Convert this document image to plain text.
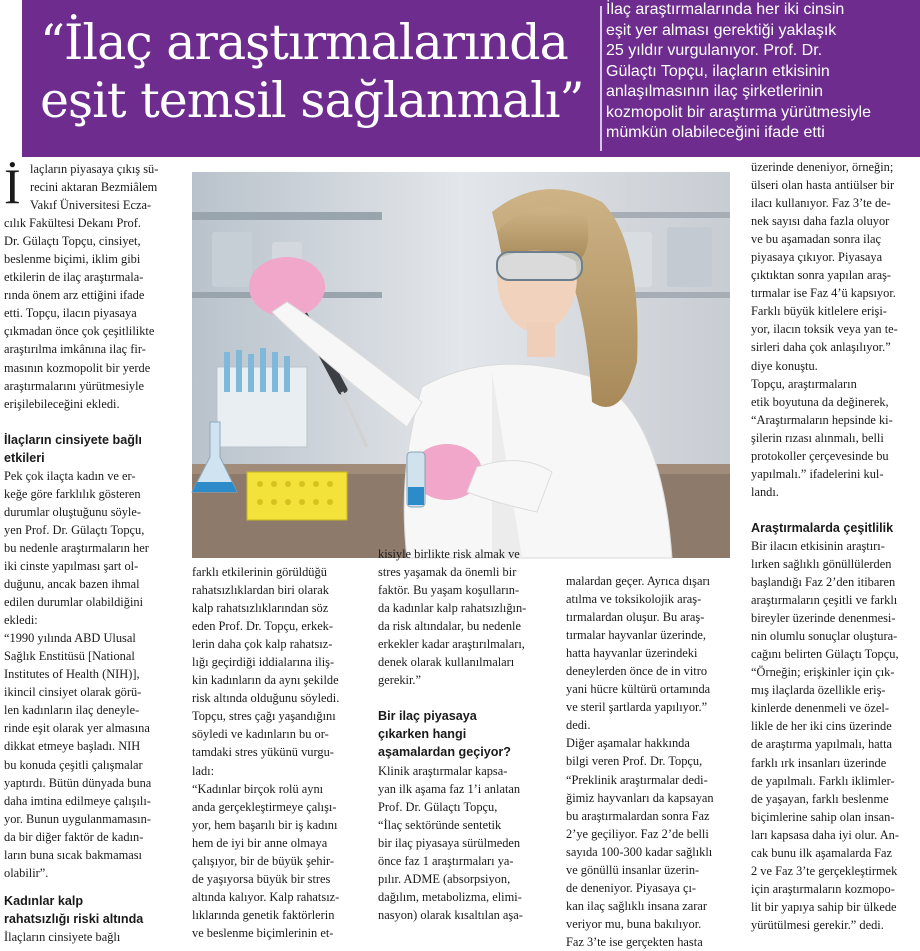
“İlaç araştırmalarında
eşit temsil sağlanmalı”
İlaç araştırmalarında her iki cinsin
eşit yer alması gerektiği yaklaşık
25 yıldır vurgulanıyor. Prof. Dr.
Gülaçtı Topçu, ilaçların etkisinin
anlaşılmasının ilaç şirketlerinin
kozmopolit bir araştırma yürütmesiyle
mümkün olabileceğini ifade etti
İ laçların piyasaya çıkış sü-
recini aktaran Bezmiâlem
Vakıf Üniversitesi Ecza-
cılık Fakültesi Dekanı Prof.
Dr. Gülaçtı Topçu, cinsiyet,
beslenme biçimi, iklim gibi
etkilerin de ilaç araştırmala-
rında önem arz ettiğini ifade
etti. Topçu, ilacın piyasaya
çıkmadan önce çok çeşitlilikte
araştırılma imkânına ilaç fir-
masının kozmopolit bir yerde
araştırmalarını yürütmesiyle
erişilebileceğini ekledi.
İlaçların cinsiyete bağlı
etkileri
Pek çok ilaçta kadın ve er-
keğe göre farklılık gösteren
durumlar oluştuğunu söyle-
yen Prof. Dr. Gülaçtı Topçu,
bu nedenle araştırmaların her
iki cinste yapılması şart ol-
duğunu, ancak bazen ihmal
edilen durumlar olabildiğini
ekledi:
“1990 yılında ABD Ulusal
Sağlık Enstitüsü [National
Institutes of Health (NIH)],
ikincil cinsiyet olarak görü-
len kadınların ilaç deneyle-
rinde eşit olarak yer almasına
dikkat etmeye başladı. NIH
bu konuda çeşitli çalışmalar
yaptırdı. Bütün dünyada buna
daha imtina edilmeye çalışılı-
yor. Bunun uygulanmamasın-
da bir diğer faktör de kadın-
ların buna sıcak bakmaması
olabilir”.
Kadınlar kalp
rahatsızlığı riski altında
İlaçların cinsiyete bağlı
farklı etkilerinin görüldüğü
rahatsızlıklardan biri olarak
kalp rahatsızlıklarından söz
eden Prof. Dr. Topçu, erkek-
lerin daha çok kalp rahatsız-
lığı geçirdiği iddialarına iliş-
kin kadınların da aynı şekilde
risk altında olduğunu söyledi.
Topçu, stres çağı yaşandığını
söyledi ve kadınların bu or-
tamdaki stres yükünü vurgu-
ladı:
“Kadınlar birçok rolü aynı
anda gerçekleştirmeye çalışı-
yor, hem başarılı bir iş kadını
hem de iyi bir anne olmaya
çalışıyor, bir de büyük şehir-
de yaşıyorsa büyük bir stres
altında kalıyor. Kalp rahatsız-
lıklarında genetik faktörlerin
ve beslenme biçimlerinin et-
kisiyle birlikte risk almak ve
stres yaşamak da önemli bir
faktör. Bu yaşam koşulların-
da kadınlar kalp rahatsızlığın-
da risk altındalar, bu nedenle
erkekler kadar araştırılmaları,
denek olarak kullanılmaları
gerekir.”
Bir ilaç piyasaya
çıkarken hangi
aşamalardan geçiyor?
Klinik araştırmalar kapsa-
yan ilk aşama faz 1’i anlatan
Prof. Dr. Gülaçtı Topçu,
“İlaç sektöründe sentetik
bir ilaç piyasaya sürülmeden
önce faz 1 araştırmaları ya-
pılır. ADME (absorpsiyon,
dağılım, metabolizma, elimi-
nasyon) olarak kısaltılan aşa-
malardan geçer. Ayrıca dışarı
atılma ve toksikolojik araş-
tırmalardan oluşur. Bu araş-
tırmalar hayvanlar üzerinde,
hatta hayvanlar üzerindeki
deneylerden önce de in vitro
yani hücre kültürü ortamında
ve steril şartlarda yapılıyor.”
dedi.
Diğer aşamalar hakkında
bilgi veren Prof. Dr. Topçu,
“Preklinik araştırmalar dedi-
ğimiz hayvanları da kapsayan
bu araştırmalardan sonra Faz
2’ye geçiliyor. Faz 2’de belli
sayıda 100-300 kadar sağlıklı
ve gönüllü insanlar üzerin-
de deneniyor. Piyasaya çı-
kan ilaç sağlıklı insana zarar
veriyor mu, buna bakılıyor.
Faz 3’te ise gerçekten hasta
üzerinde deneniyor, örneğin;
ülseri olan hasta antiülser bir
ilacı kullanıyor. Faz 3’te de-
nek sayısı daha fazla oluyor
ve bu aşamadan sonra ilaç
piyasaya çıkıyor. Piyasaya
çıktıktan sonra yapılan araş-
tırmalar ise Faz 4’ü kapsıyor.
Farklı büyük kitlelere erişi-
yor, ilacın toksik veya yan te-
sirleri daha çok anlaşılıyor.”
diye konuştu.
Topçu, araştırmaların
etik boyutuna da değinerek,
“Araştırmaların hepsinde ki-
şilerin rızası alınmalı, belli
protokoller çerçevesinde bu
yapılmalı.” ifadelerini kul-
landı.
Araştırmalarda çeşitlilik
Bir ilacın etkisinin araştırı-
lırken sağlıklı gönüllülerden
başlandığı Faz 2’den itibaren
araştırmaların çeşitli ve farklı
bireyler üzerinde denenmesi-
nin olumlu sonuçlar oluştura-
cağını belirten Gülaçtı Topçu,
“Örneğin; erişkinler için çık-
mış ilaçlarda özellikle eriş-
kinlerde denenmeli ve özel-
likle de her iki cins üzerinde
de araştırma yapılmalı, hatta
farklı ırk insanları üzerinde
de yapılmalı. Farklı iklimler-
de yaşayan, farklı beslenme
biçimlerine sahip olan insan-
ları kapsasa daha iyi olur. An-
cak bunu ilk aşamalarda Faz
2 ve Faz 3’te gerçekleştirmek
için araştırmaların kozmopo-
lit bir yapıya sahip bir ülkede
yürütülmesi gerekir.” dedi.
